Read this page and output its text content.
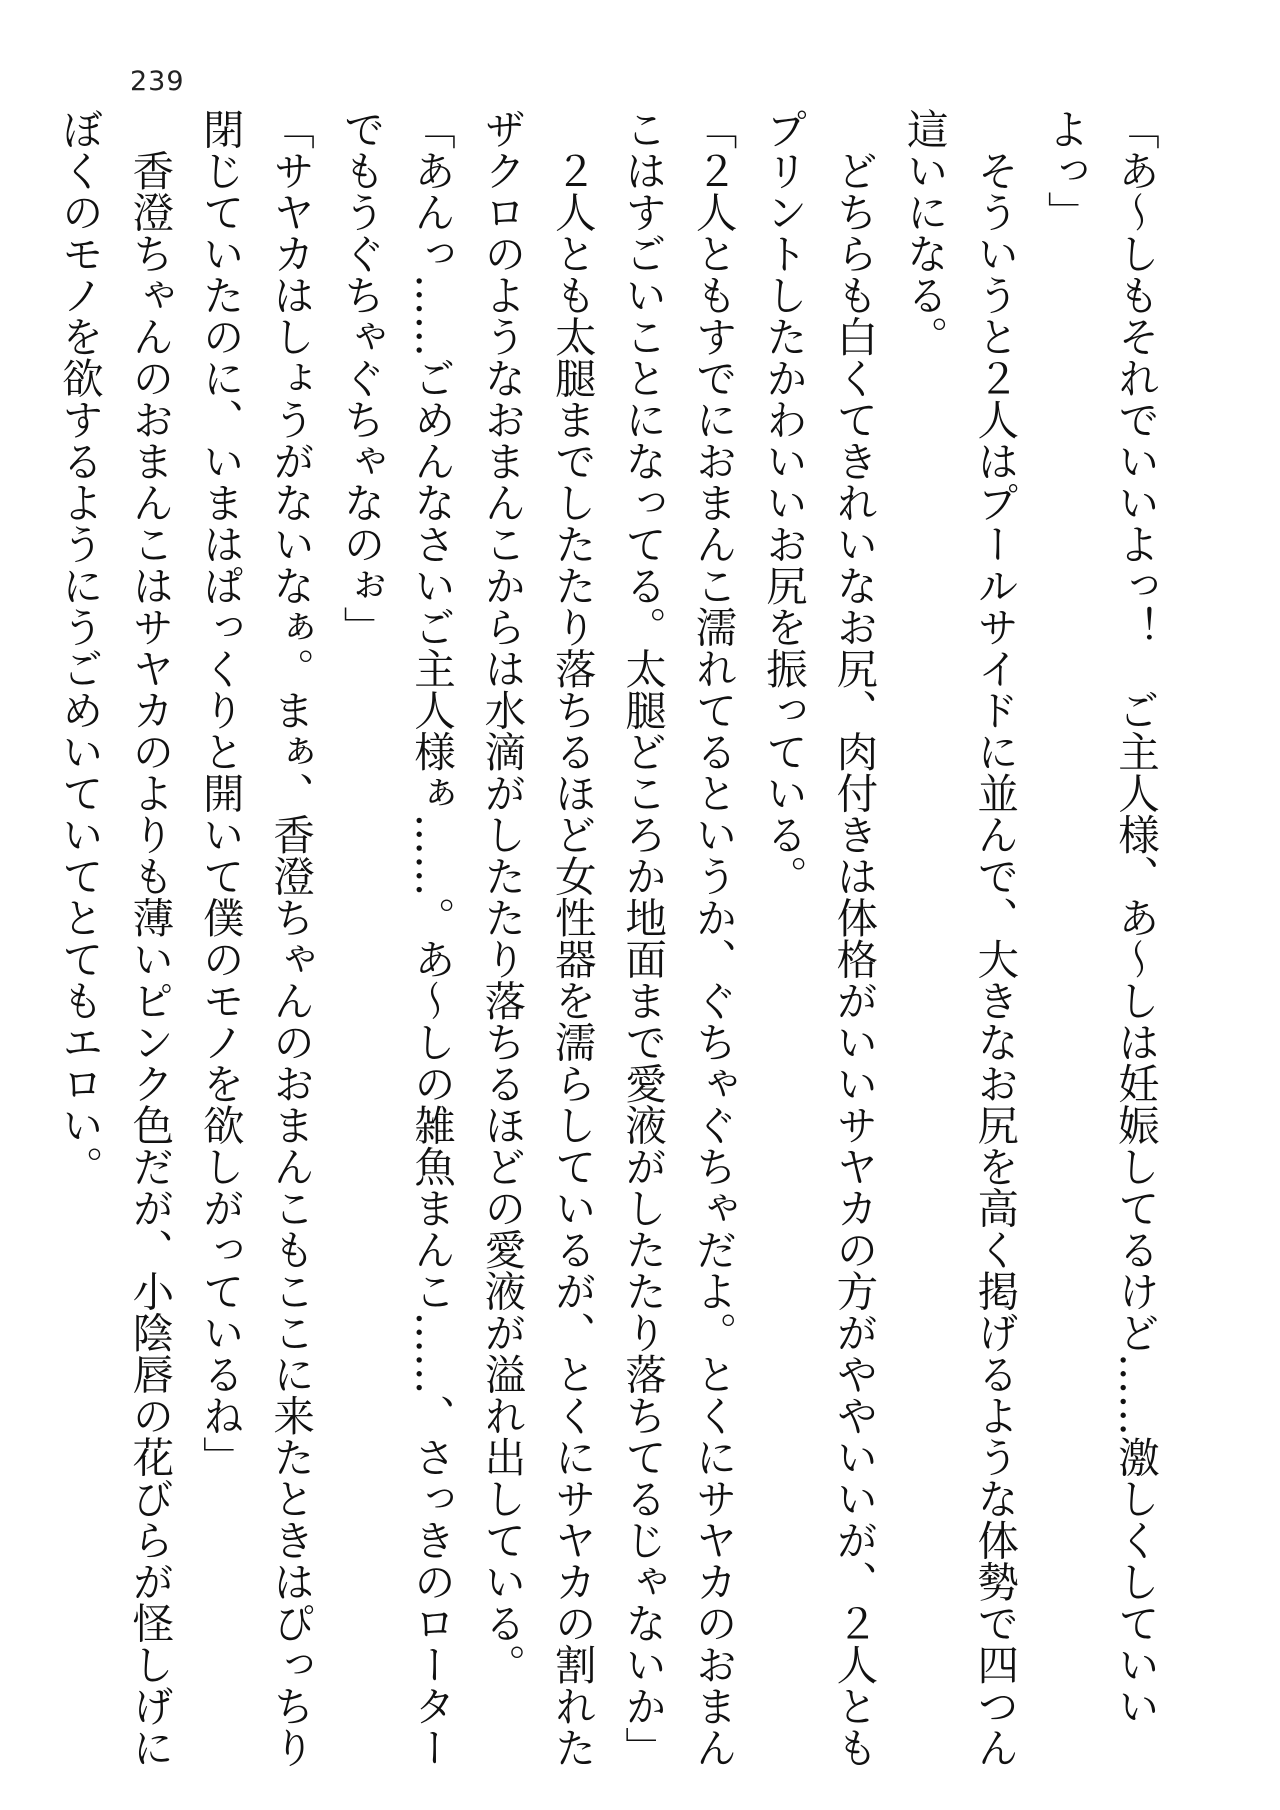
239
「あ～しもそれでいいよっ！　ご主人様、あ～しは妊娠してるけど……激しくしていい
よっ」
　そういうと２人はプールサイドに並んで、大きなお尻を高く掲げるような体勢で四つん
這いになる。
　どちらも白くてきれいなお尻、肉付きは体格がいいサヤカの方がややいいが、２人とも
プリントしたかわいいお尻を振っている。
「２人ともすでにおまんこ濡れてるというか、ぐちゃぐちゃだよ。とくにサヤカのおまん
こはすごいことになってる。太腿どころか地面まで愛液がしたたり落ちてるじゃないか」
　２人とも太腿までしたたり落ちるほど女性器を濡らしているが、とくにサヤカの割れた
ザクロのようなおまんこからは水滴がしたたり落ちるほどの愛液が溢れ出している。
「あんっ……ごめんなさいご主人様ぁ……。あ～しの雑魚まんこ……、さっきのローター
でもうぐちゃぐちゃなのぉ」
「サヤカはしょうがないなぁ。まぁ、香澄ちゃんのおまんこもここに来たときはぴっちり
閉じていたのに、いまはぱっくりと開いて僕のモノを欲しがっているね」
　香澄ちゃんのおまんこはサヤカのよりも薄いピンク色だが、小陰唇の花びらが怪しげに
ぼくのモノを欲するようにうごめいていてとてもエロい。
